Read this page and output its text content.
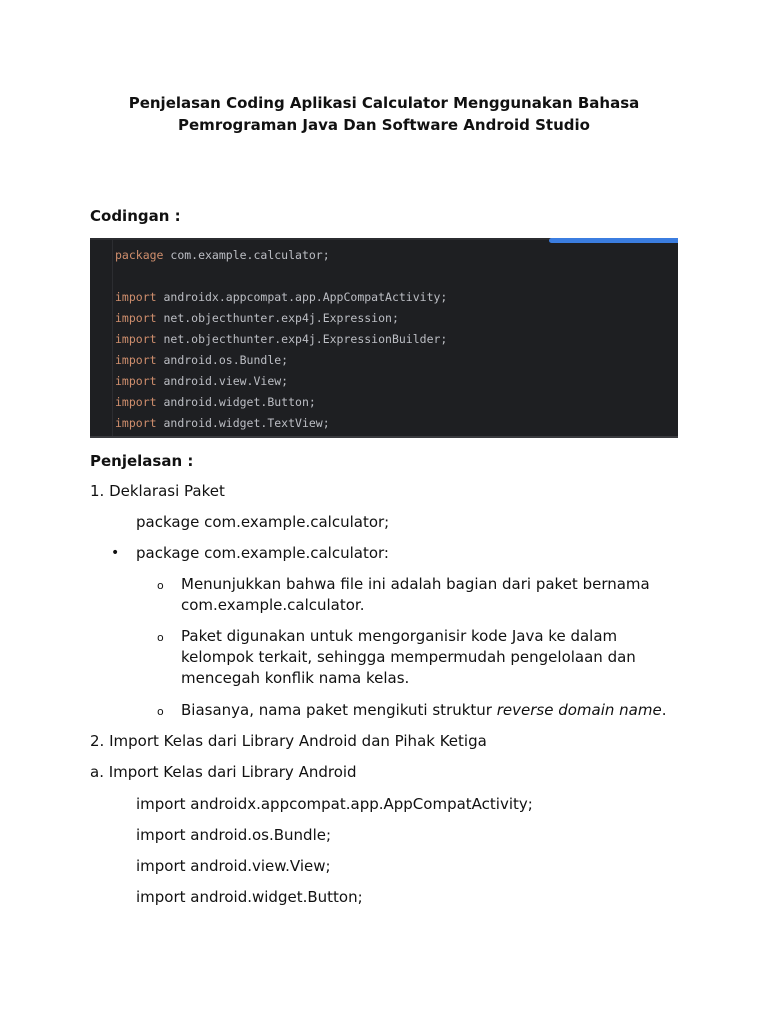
Penjelasan Coding Aplikasi Calculator Menggunakan Bahasa
Pemrograman Java Dan Software Android Studio
Codingan :
package com.example.calculator;
import androidx.appcompat.app.AppCompatActivity;
import net.objecthunter.exp4j.Expression;
import net.objecthunter.exp4j.ExpressionBuilder;
import android.os.Bundle;
import android.view.View;
import android.widget.Button;
import android.widget.TextView;
Penjelasan :
1. Deklarasi Paket
package com.example.calculator;
• package com.example.calculator:
o Menunjukkan bahwa file ini adalah bagian dari paket bernama
com.example.calculator.
o Paket digunakan untuk mengorganisir kode Java ke dalam
kelompok terkait, sehingga mempermudah pengelolaan dan
mencegah konflik nama kelas.
o Biasanya, nama paket mengikuti struktur reverse domain name.
2. Import Kelas dari Library Android dan Pihak Ketiga
a. Import Kelas dari Library Android
import androidx.appcompat.app.AppCompatActivity;
import android.os.Bundle;
import android.view.View;
import android.widget.Button;
